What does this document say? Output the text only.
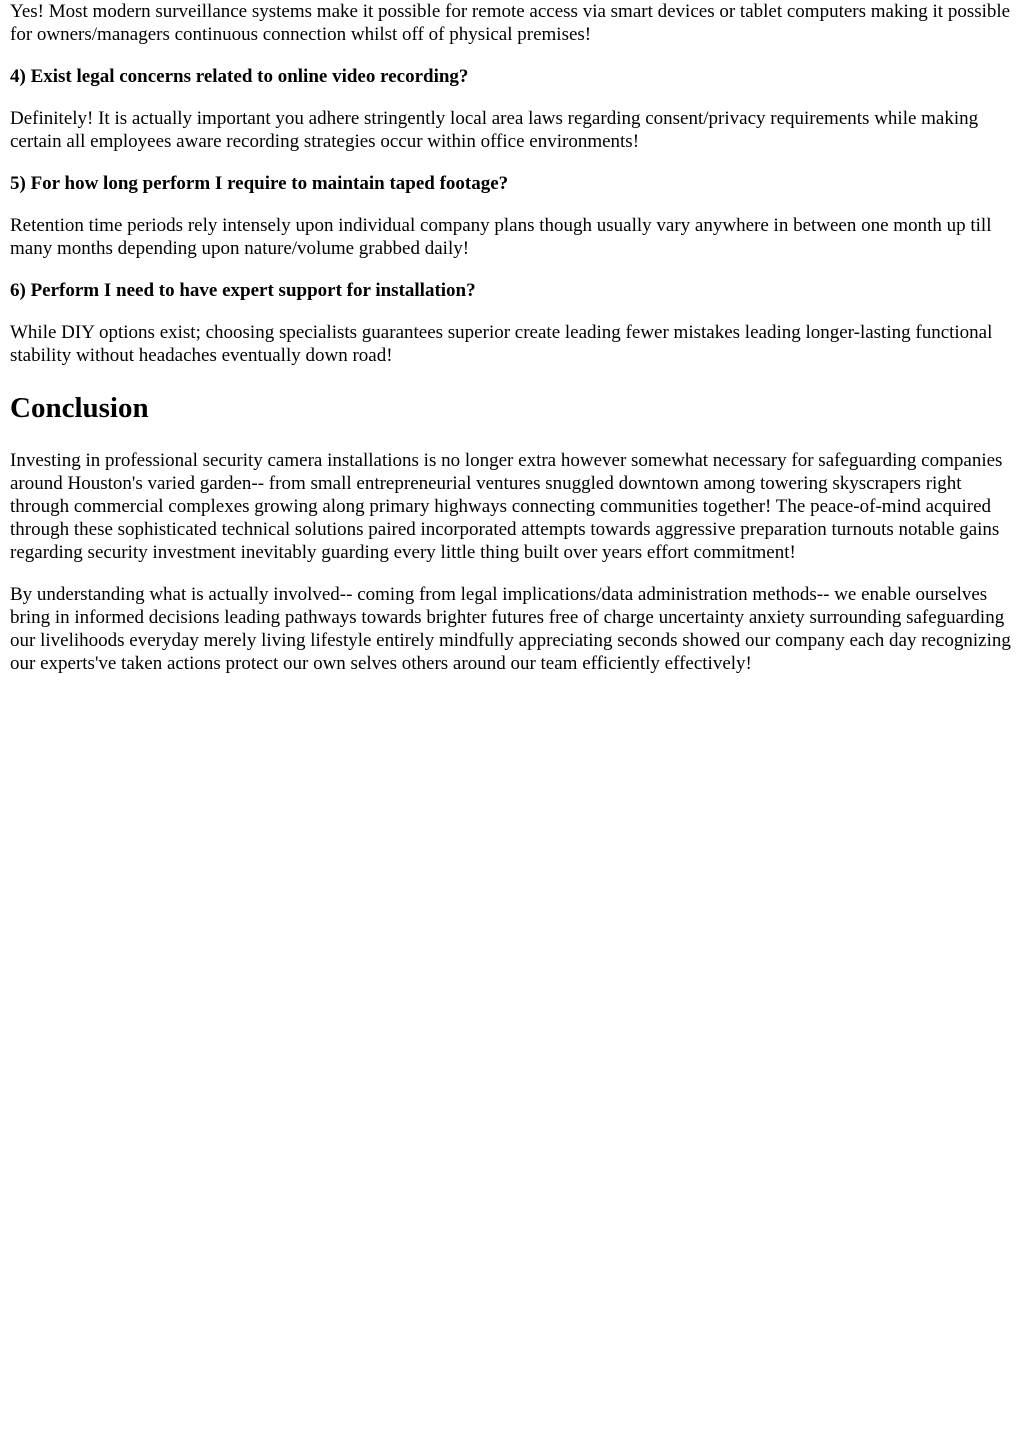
Yes! Most modern surveillance systems make it possible for remote access via smart devices or tablet computers making it possible for owners/managers continuous connection whilst off of physical premises!

4) Exist legal concerns related to online video recording?

Definitely! It is actually important you adhere stringently local area laws regarding consent/privacy requirements while making certain all employees aware recording strategies occur within office environments!

5) For how long perform I require to maintain taped footage?

Retention time periods rely intensely upon individual company plans though usually vary anywhere in between one month up till many months depending upon nature/volume grabbed daily!

6) Perform I need to have expert support for installation?

While DIY options exist; choosing specialists guarantees superior create leading fewer mistakes leading longer-lasting functional stability without headaches eventually down road!

Conclusion

Investing in professional security camera installations is no longer extra however somewhat necessary for safeguarding companies around Houston's varied garden-- from small entrepreneurial ventures snuggled downtown among towering skyscrapers right through commercial complexes growing along primary highways connecting communities together! The peace-of-mind acquired through these sophisticated technical solutions paired incorporated attempts towards aggressive preparation turnouts notable gains regarding security investment inevitably guarding every little thing built over years effort commitment!

By understanding what is actually involved-- coming from legal implications/data administration methods-- we enable ourselves bring in informed decisions leading pathways towards brighter futures free of charge uncertainty anxiety surrounding safeguarding our livelihoods everyday merely living lifestyle entirely mindfully appreciating seconds showed our company each day recognizing our experts've taken actions protect our own selves others around our team efficiently effectively!
